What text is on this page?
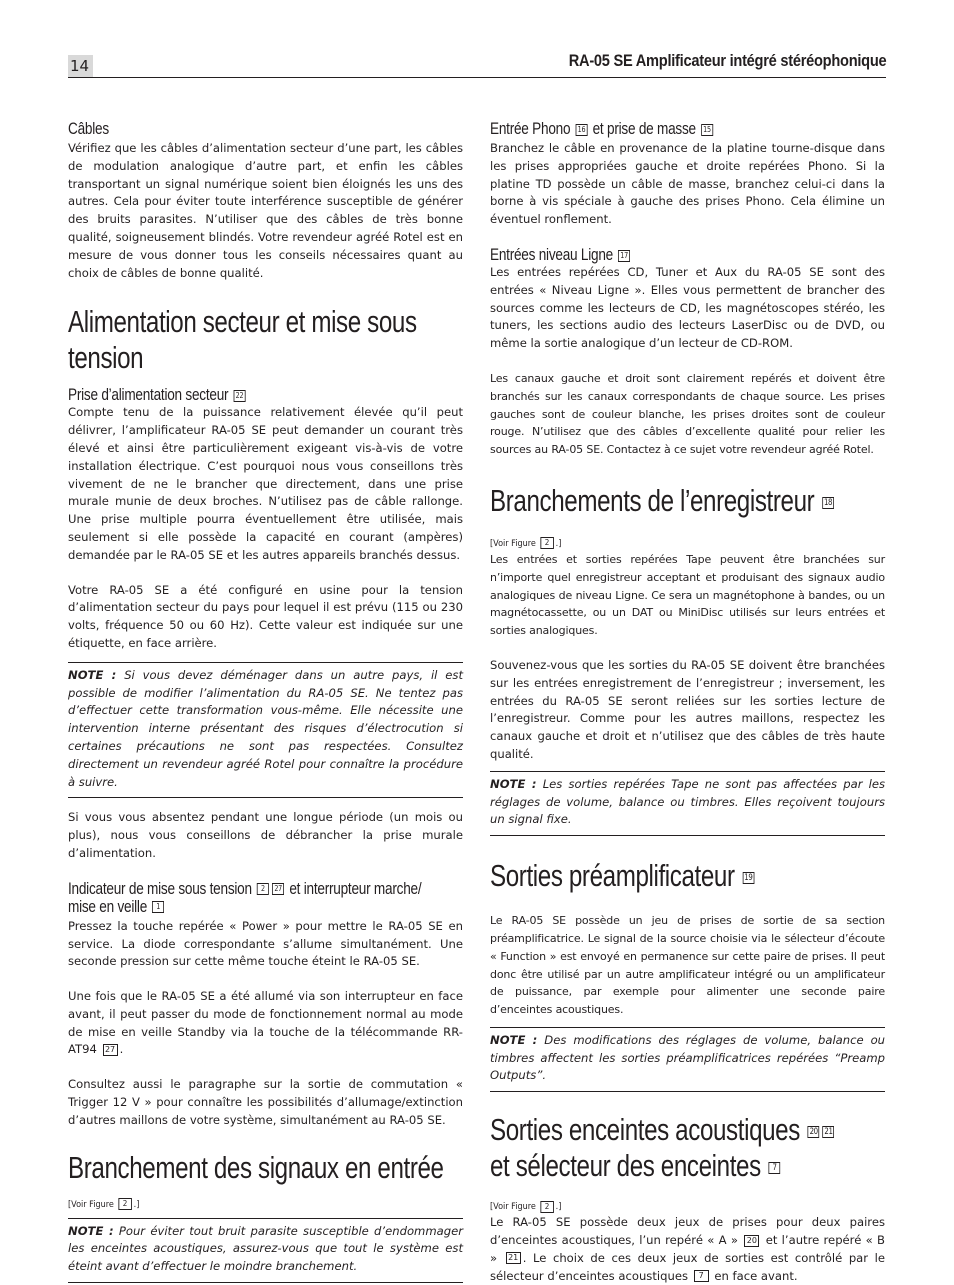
14	RA-05 SE Amplificateur intégré stéréophonique
Câbles

Vérifiez que les câbles d’alimentation secteur d’une part, les câbles de modulation analogique d’autre part, et enfin les câbles transportant un signal numérique soient bien éloignés les uns des autres. Cela pour éviter toute interférence susceptible de générer des bruits parasites. N’utiliser que des câbles de très bonne qualité, soigneusement blindés. Votre revendeur agréé Rotel est en mesure de vous donner tous les conseils nécessaires quant au choix de câbles de bonne qualité.

Alimentation secteur et mise sous tension
Prise d’alimentation secteur 22

Compte tenu de la puissance relativement élevée qu’il peut délivrer, l’amplificateur RA-05 SE peut demander un courant très élevé et ainsi être particulièrement exigeant vis-à-vis de votre installation électrique. C’est pourquoi nous vous conseillons très vivement de ne le brancher que directement, dans une prise murale munie de deux broches. N’utilisez pas de câble rallonge. Une prise multiple pourra éventuellement être utilisée, mais seulement si elle possède la capacité en courant (ampères) demandée par le RA-05 SE et les autres appareils branchés dessus.

Votre RA-05 SE a été configuré en usine pour la tension d’alimentation secteur du pays pour lequel il est prévu (115 ou 230 volts, fréquence 50 ou 60 Hz). Cette valeur est indiquée sur une étiquette, en face arrière.

NOTE : Si vous devez déménager dans un autre pays, il est possible de modifier l’alimentation du RA-05 SE. Ne tentez pas d’effectuer cette transformation vous-même. Elle nécessite une intervention interne présentant des risques d’électrocution si certaines précautions ne sont pas respectées. Consultez directement un revendeur agréé Rotel pour connaître la procédure à suivre.

Si vous vous absentez pendant une longue période (un mois ou plus), nous vous conseillons de débrancher la prise murale d’alimentation.

Indicateur de mise sous tension 2 27 et interrupteur marche/
mise en veille 1

Pressez la touche repérée « Power » pour mettre le RA-05 SE en service. La diode correspondante s’allume simultanément. Une seconde pression sur cette même touche éteint le RA-05 SE.

Une fois que le RA-05 SE a été allumé via son interrupteur en face avant, il peut passer du mode de fonctionnement normal au mode de mise en veille Standby via la touche de la télécommande RR-AT94 27 .

Consultez aussi le paragraphe sur la sortie de commutation « Trigger 12 V » pour connaître les possibilités d’allumage/extinction d’autres maillons de votre système, simultanément au RA-05 SE.

Branchement des signaux en entrée
[Voir Figure 2 .]

NOTE : Pour éviter tout bruit parasite susceptible d’endommager les enceintes acoustiques, assurez-vous que tout le système est éteint avant d’effectuer le moindre branchement.

Entrée Phono 16 et prise de masse 15

Branchez le câble en provenance de la platine tourne-disque dans les prises appropriées gauche et droite repérées Phono. Si la platine TD possède un câble de masse, branchez celui-ci dans la borne à vis spéciale à gauche des prises Phono. Cela élimine un éventuel ronflement.

Entrées niveau Ligne 17

Les entrées repérées CD, Tuner et Aux du RA-05 SE sont des entrées « Niveau Ligne ». Elles vous permettent de brancher des sources comme les lecteurs de CD, les magnétoscopes stéréo, les tuners, les sections audio des lecteurs LaserDisc ou de DVD, ou même la sortie analogique d’un lecteur de CD-ROM.

Les canaux gauche et droit sont clairement repérés et doivent être branchés sur les canaux correspondants de chaque source. Les prises gauches sont de couleur blanche, les prises droites sont de couleur rouge. N’utilisez que des câbles d’excellente qualité pour relier les sources au RA-05 SE. Contactez à ce sujet votre revendeur agréé Rotel.

Branchements de l’enregistreur 18
[Voir Figure 2 .]

Les entrées et sorties repérées Tape peuvent être branchées sur n’importe quel enregistreur acceptant et produisant des signaux audio analogiques de niveau Ligne. Ce sera un magnétophone à bandes, ou un magnétocassette, ou un DAT ou MiniDisc utilisés sur leurs entrées et sorties analogiques.

Souvenez-vous que les sorties du RA-05 SE doivent être branchées sur les entrées enregistrement de l’enregistreur ; inversement, les entrées du RA-05 SE seront reliées sur les sorties lecture de l’enregistreur. Comme pour les autres maillons, respectez les canaux gauche et droit et n’utilisez que des câbles de très haute qualité.

NOTE : Les sorties repérées Tape ne sont pas affectées par les réglages de volume, balance ou timbres. Elles reçoivent toujours un signal fixe.

Sorties préamplificateur 19

Le RA-05 SE possède un jeu de prises de sortie de sa section préamplificatrice. Le signal de la source choisie via le sélecteur d’écoute « Function » est envoyé en permanence sur cette paire de prises. Il peut donc être utilisé par un autre amplificateur intégré ou un amplificateur de puissance, par exemple pour alimenter une seconde paire d’enceintes acoustiques.

NOTE : Des modifications des réglages de volume, balance ou timbres affectent les sorties préamplificatrices repérées “Preamp Outputs”.

Sorties enceintes acoustiques 20 21
et sélecteur des enceintes 7
[Voir Figure 2 .]

Le RA-05 SE possède deux jeux de prises pour deux paires d’enceintes acoustiques, l’un repéré « A » 20 et l’autre repéré « B » 21 . Le choix de ces deux jeux de sorties est contrôlé par le sélecteur d’enceintes acoustiques 7 en face avant.
